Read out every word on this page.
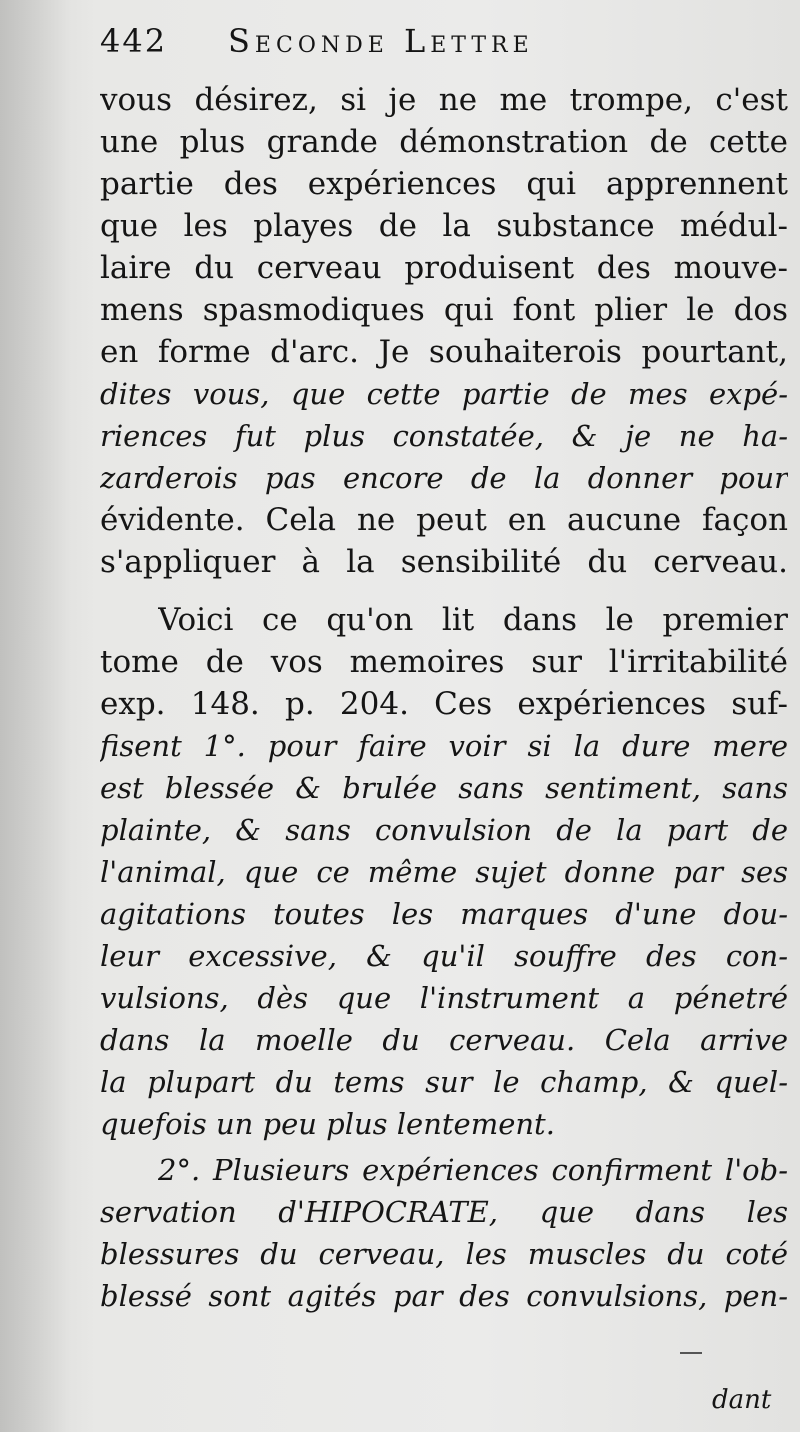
442 Seconde Lettre
vous désirez, si je ne me trompe, c'est
une plus grande démonstration de cette
partie des expériences qui apprennent
que les playes de la substance médul-
laire du cerveau produisent des mouve-
mens spasmodiques qui font plier le dos
en forme d'arc. Je souhaiterois pourtant,
dites vous, que cette partie de mes expé-
riences fut plus constatée, & je ne ha-
zarderois pas encore de la donner pour
évidente. Cela ne peut en aucune façon
s'appliquer à la sensibilité du cerveau.
Voici ce qu'on lit dans le premier
tome de vos memoires sur l'irritabilité
exp. 148. p. 204. Ces expériences suf-
fisent 1°. pour faire voir si la dure mere
est blessée & brulée sans sentiment, sans
plainte, & sans convulsion de la part de
l'animal, que ce même sujet donne par ses
agitations toutes les marques d'une dou-
leur excessive, & qu'il souffre des con-
vulsions, dès que l'instrument a pénetré
dans la moelle du cerveau. Cela arrive
la plupart du tems sur le champ, & quel-
quefois un peu plus lentement.
2°. Plusieurs expériences confirment l'ob-
servation d'HIPOCRATE, que dans les
blessures du cerveau, les muscles du coté
blessé sont agités par des convulsions, pen-
dant
